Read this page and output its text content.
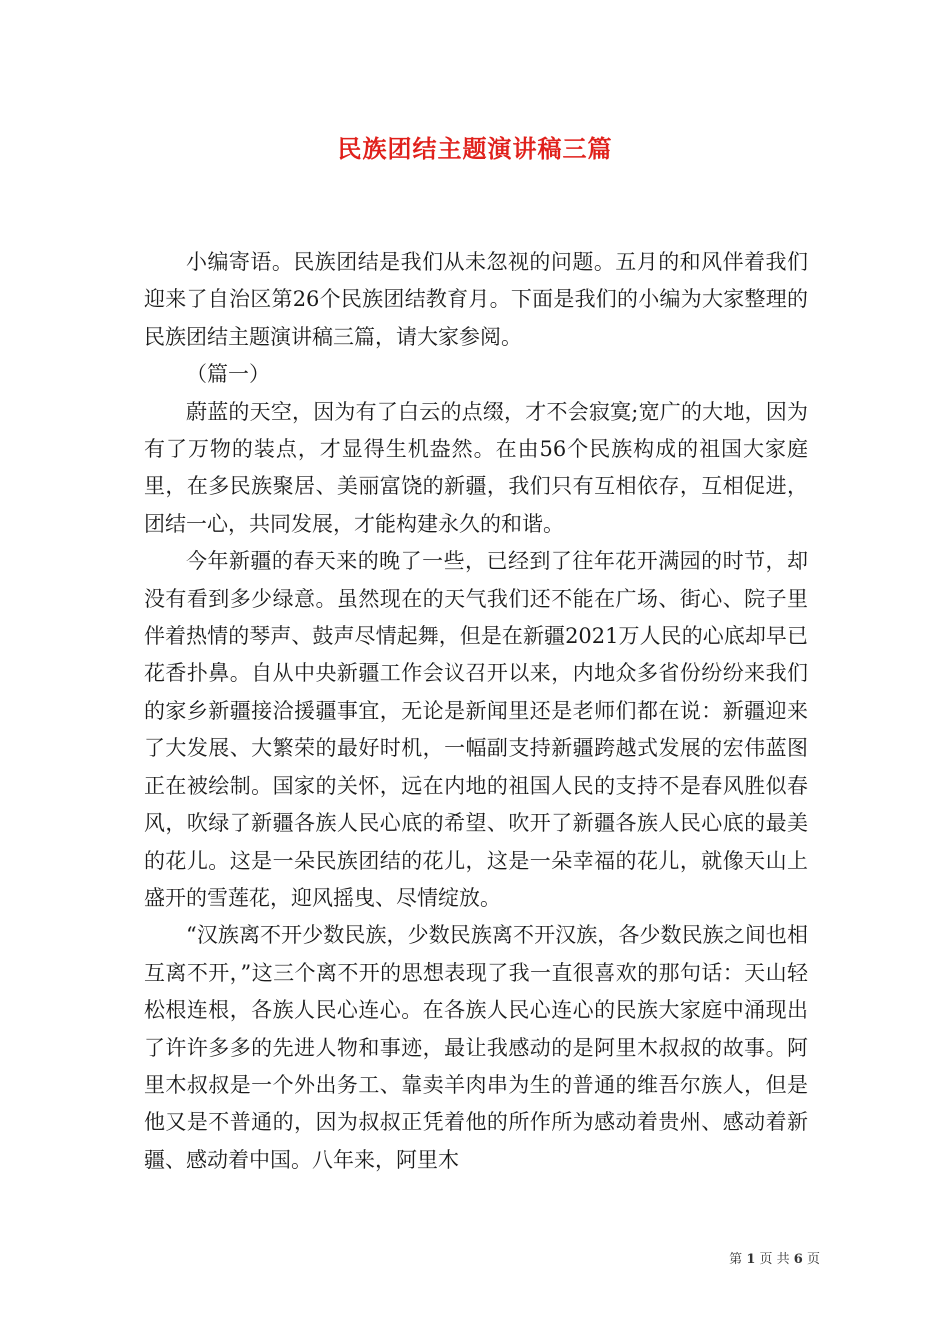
民族团结主题演讲稿三篇

小编寄语。民族团结是我们从未忽视的问题。五月的和风伴着我们迎来了自治区第26个民族团结教育月。下面是我们的小编为大家整理的民族团结主题演讲稿三篇，请大家参阅。

（篇一）

蔚蓝的天空，因为有了白云的点缀，才不会寂寞;宽广的大地，因为有了万物的装点，才显得生机盎然。在由56个民族构成的祖国大家庭里，在多民族聚居、美丽富饶的新疆，我们只有互相依存，互相促进，团结一心，共同发展，才能构建永久的和谐。

今年新疆的春天来的晚了一些，已经到了往年花开满园的时节，却没有看到多少绿意。虽然现在的天气我们还不能在广场、街心、院子里伴着热情的琴声、鼓声尽情起舞，但是在新疆2021万人民的心底却早已花香扑鼻。自从中央新疆工作会议召开以来，内地众多省份纷纷来我们的家乡新疆接洽援疆事宜，无论是新闻里还是老师们都在说：新疆迎来了大发展、大繁荣的最好时机，一幅副支持新疆跨越式发展的宏伟蓝图正在被绘制。国家的关怀，远在内地的祖国人民的支持不是春风胜似春风，吹绿了新疆各族人民心底的希望、吹开了新疆各族人民心底的最美的花儿。这是一朵民族团结的花儿，这是一朵幸福的花儿，就像天山上盛开的雪莲花，迎风摇曳、尽情绽放。

“汉族离不开少数民族，少数民族离不开汉族，各少数民族之间也相互离不开，”这三个离不开的思想表现了我一直很喜欢的那句话：天山轻松根连根，各族人民心连心。在各族人民心连心的民族大家庭中涌现出了许许多多的先进人物和事迹，最让我感动的是阿里木叔叔的故事。阿里木叔叔是一个外出务工、靠卖羊肉串为生的普通的维吾尔族人，但是他又是不普通的，因为叔叔正凭着他的所作所为感动着贵州、感动着新疆、感动着中国。八年来，阿里木

第 1 页 共 6 页
